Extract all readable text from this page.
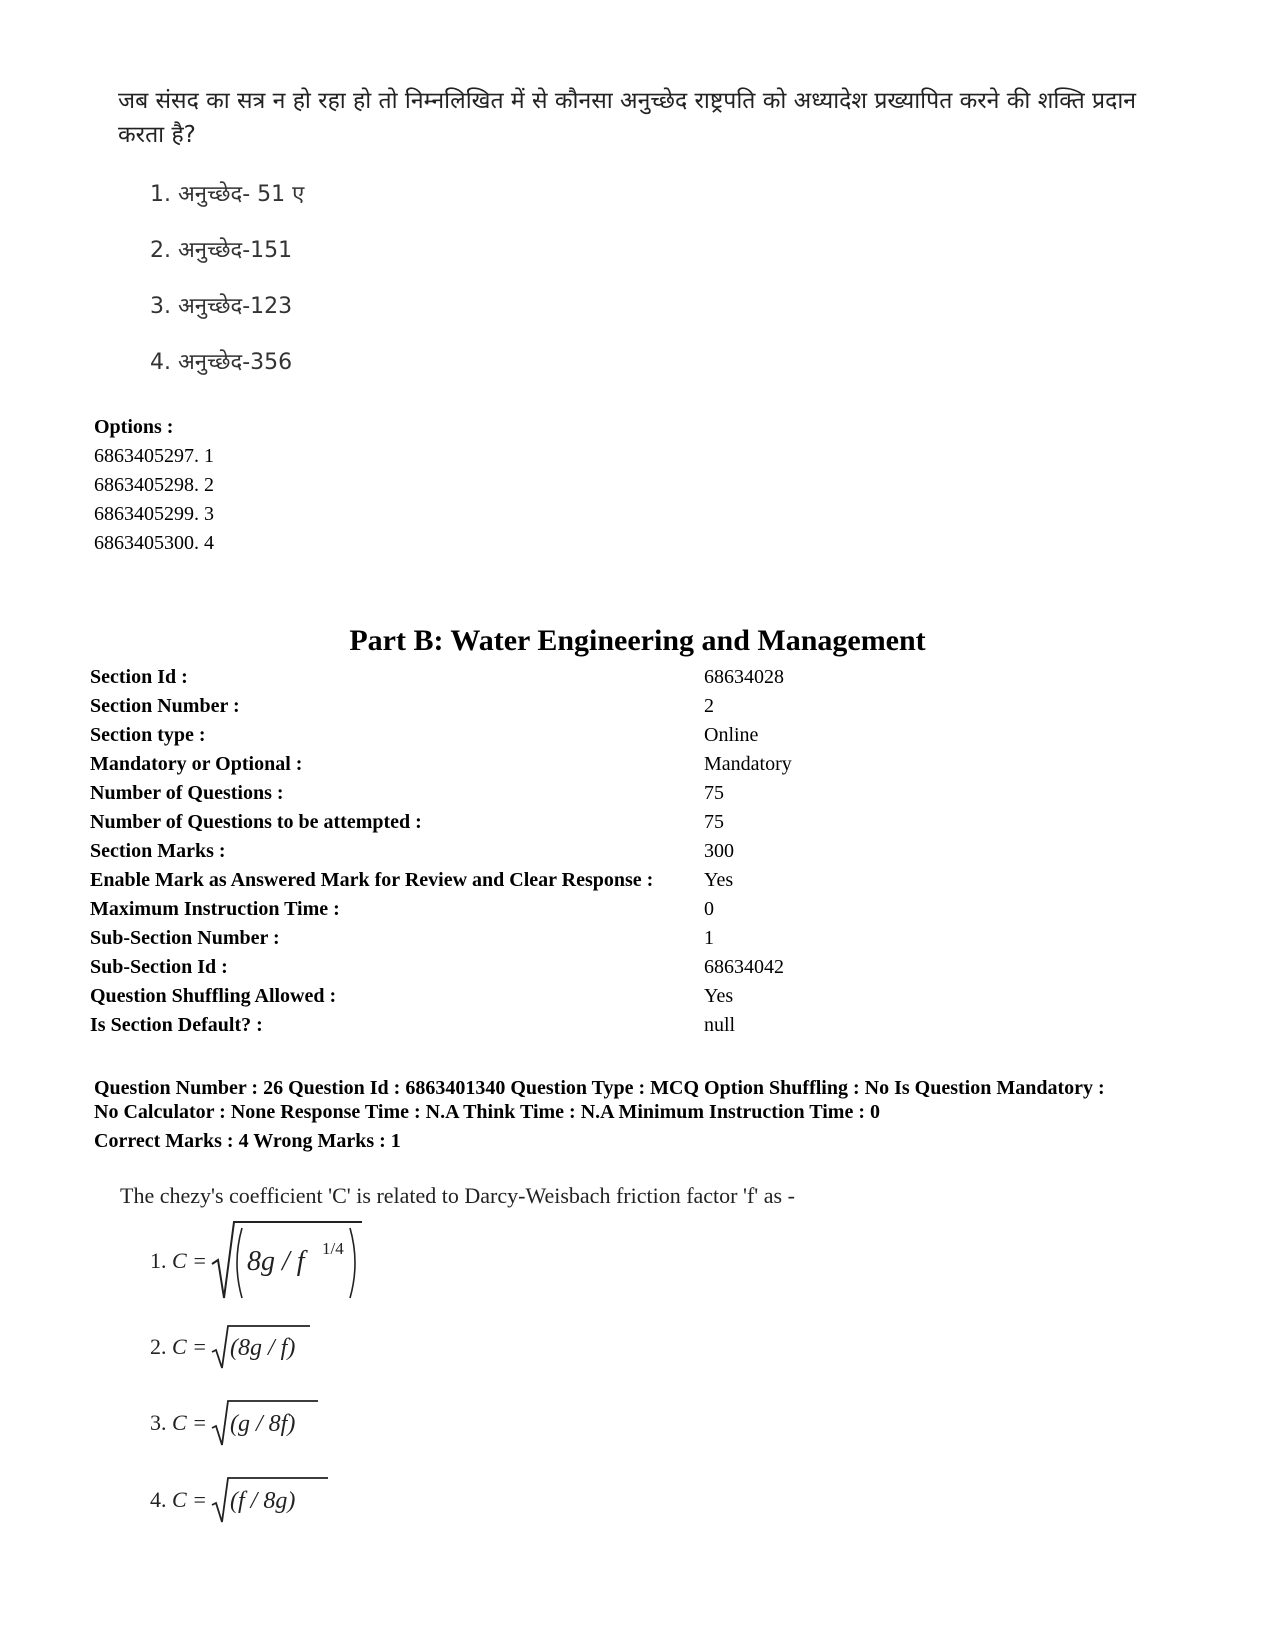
जब संसद का सत्र न हो रहा हो तो निम्नलिखित में से कौनसा अनुच्छेद राष्ट्रपति को अध्यादेश प्रख्यापित करने की शक्ति प्रदान करता है?
1. अनुच्छेद- 51 ए
2. अनुच्छेद-151
3. अनुच्छेद-123
4. अनुच्छेद-356
Options :
6863405297. 1
6863405298. 2
6863405299. 3
6863405300. 4
Part B: Water Engineering and Management
Section Id :	68634028
Section Number :	2
Section type :	Online
Mandatory or Optional :	Mandatory
Number of Questions :	75
Number of Questions to be attempted :	75
Section Marks :	300
Enable Mark as Answered Mark for Review and Clear Response :	Yes
Maximum Instruction Time :	0
Sub-Section Number :	1
Sub-Section Id :	68634042
Question Shuffling Allowed :	Yes
Is Section Default? :	null
Question Number : 26 Question Id : 6863401340 Question Type : MCQ Option Shuffling : No Is Question Mandatory :
No Calculator : None Response Time : N.A Think Time : N.A Minimum Instruction Time : 0
Correct Marks : 4 Wrong Marks : 1
The chezy's coefficient 'C' is related to Darcy-Weisbach friction factor 'f' as -
1. C = 8g / f 1/4
2. C = (8g / f)
3. C = (g / 8f)
4. C = (f / 8g)
